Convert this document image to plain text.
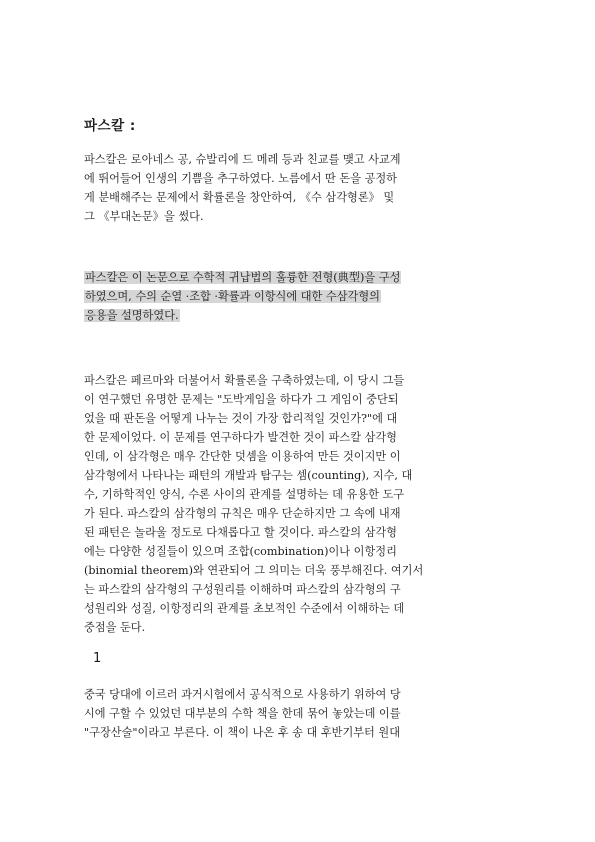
파스칼 :

파스칼은 로아네스 공, 슈발리에 드 메레 등과 친교를 맺고 사교계
에 뛰어들어 인생의 기쁨을 추구하였다. 노름에서 딴 돈을 공정하
게 분배해주는 문제에서 확률론을 창안하여, 《수 삼각형론》 및
그 《부대논문》을 썼다.

파스칼은 이 논문으로 수학적 귀납법의 훌륭한 전형(典型)을 구성
하였으며, 수의 순열 ·조합 ·확률과 이항식에 대한 수삼각형의
응용을 설명하였다.

파스칼은 페르마와 더불어서 확률론을 구축하였는데, 이 당시 그들
이 연구했던 유명한 문제는 "도박게임을 하다가 그 게임이 중단되
었을 때 판돈을 어떻게 나누는 것이 가장 합리적일 것인가?"에 대
한 문제이었다. 이 문제를 연구하다가 발견한 것이 파스칼 삼각형
인데, 이 삼각형은 매우 간단한 덧셈을 이용하여 만든 것이지만 이
삼각형에서 나타나는 패턴의 개발과 탐구는 셈(counting), 지수, 대
수, 기하학적인 양식, 수론 사이의 관계를 설명하는 데 유용한 도구
가 된다. 파스칼의 삼각형의 규칙은 매우 단순하지만 그 속에 내재
된 패턴은 놀라울 정도로 다채롭다고 할 것이다. 파스칼의 삼각형
에는 다양한 성질들이 있으며 조합(combination)이나 이항정리
(binomial theorem)와 연관되어 그 의미는 더욱 풍부해진다. 여기서
는 파스칼의 삼각형의 구성원리를 이해하며 파스칼의 삼각형의 구
성원리와 성질, 이항정리의 관계를 초보적인 수준에서 이해하는 데
중점을 둔다.

1

중국 당대에 이르러 과거시험에서 공식적으로 사용하기 위하여 당
시에 구할 수 있었던 대부분의 수학 책을 한데 묶어 놓았는데 이를
"구장산술"이라고 부른다. 이 책이 나온 후 송 대 후반기부터 원대
